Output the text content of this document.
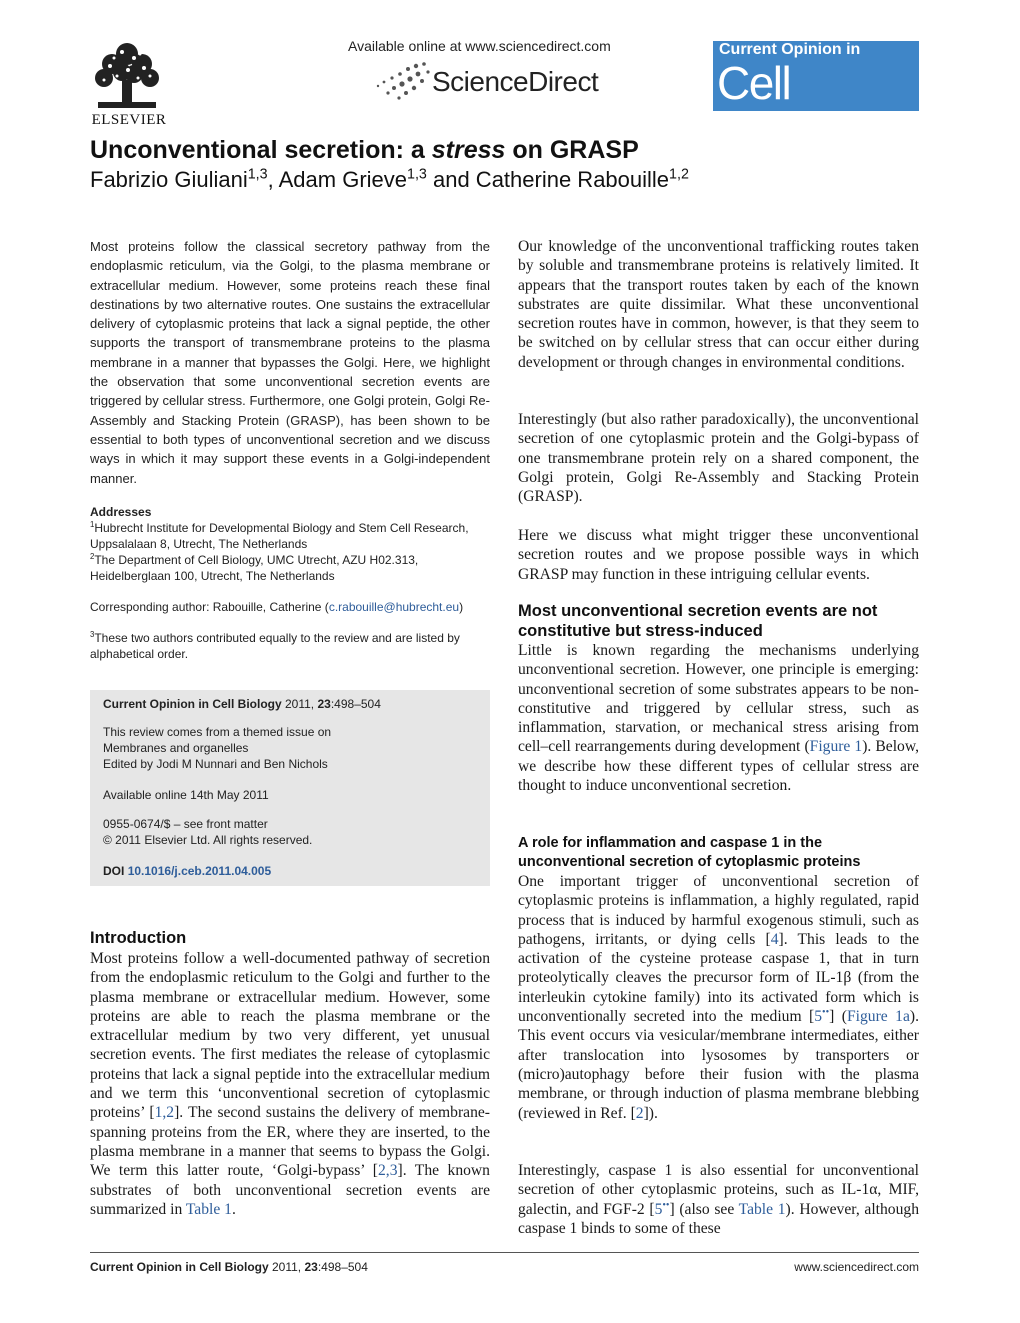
ELSEVIER
Available online at www.sciencedirect.com
ScienceDirect
Current Opinion in
Cell Biology
Unconventional secretion: a stress on GRASP
Fabrizio Giuliani$^{1,3}$, Adam Grieve$^{1,3}$ and Catherine Rabouille$^{1,2}$
Most proteins follow the classical secretory pathway from the endoplasmic reticulum, via the Golgi, to the plasma membrane or extracellular medium. However, some proteins reach these final destinations by two alternative routes. One sustains the extracellular delivery of cytoplasmic proteins that lack a signal peptide, the other supports the transport of transmembrane proteins to the plasma membrane in a manner that bypasses the Golgi. Here, we highlight the observation that some unconventional secretion events are triggered by cellular stress. Furthermore, one Golgi protein, Golgi Re-Assembly and Stacking Protein (GRASP), has been shown to be essential to both types of unconventional secretion and we discuss ways in which it may support these events in a Golgi-independent manner.
Addresses
$^1$Hubrecht Institute for Developmental Biology and Stem Cell Research, Uppsalalaan 8, Utrecht, The Netherlands
$^2$The Department of Cell Biology, UMC Utrecht, AZU H02.313, Heidelberglaan 100, Utrecht, The Netherlands
Corresponding author: Rabouille, Catherine (c.rabouille@hubrecht.eu)
$^3$These two authors contributed equally to the review and are listed by alphabetical order.

Current Opinion in Cell Biology 2011, 23:498–504

This review comes from a themed issue on

Membranes and organelles

Edited by Jodi M Nunnari and Ben Nichols

Available online 14th May 2011

0955-0674/$ – see front matter

© 2011 Elsevier Ltd. All rights reserved.

DOI 10.1016/j.ceb.2011.04.005

Introduction
Most proteins follow a well-documented pathway of secretion from the endoplasmic reticulum to the Golgi and further to the plasma membrane or extracellular medium. However, some proteins are able to reach the plasma membrane or the extracellular medium by two very different, yet unusual secretion events. The first mediates the release of cytoplasmic proteins that lack a signal peptide into the extracellular medium and we term this ‘unconventional secretion of cytoplasmic proteins’ [1,2]. The second sustains the delivery of membrane-spanning proteins from the ER, where they are inserted, to the plasma membrane in a manner that seems to bypass the Golgi. We term this latter route, ‘Golgi-bypass’ [2,3]. The known substrates of both unconventional secretion events are summarized in Table 1.
Our knowledge of the unconventional trafficking routes taken by soluble and transmembrane proteins is relatively limited. It appears that the transport routes taken by each of the known substrates are quite dissimilar. What these unconventional secretion routes have in common, however, is that they seem to be switched on by cellular stress that can occur either during development or through changes in environmental conditions.
Interestingly (but also rather paradoxically), the unconventional secretion of one cytoplasmic protein and the Golgi-bypass of one transmembrane protein rely on a shared component, the Golgi protein, Golgi Re-Assembly and Stacking Protein (GRASP).
Here we discuss what might trigger these unconventional secretion routes and we propose possible ways in which GRASP may function in these intriguing cellular events.
Most unconventional secretion events are not constitutive but stress-induced
Little is known regarding the mechanisms underlying unconventional secretion. However, one principle is emerging: unconventional secretion of some substrates appears to be non-constitutive and triggered by cellular stress, such as inflammation, starvation, or mechanical stress arising from cell–cell rearrangements during development (Figure 1). Below, we describe how these different types of cellular stress are thought to induce unconventional secretion.
A role for inflammation and caspase 1 in the unconventional secretion of cytoplasmic proteins
One important trigger of unconventional secretion of cytoplasmic proteins is inflammation, a highly regulated, rapid process that is induced by harmful exogenous stimuli, such as pathogens, irritants, or dying cells [4]. This leads to the activation of the cysteine protease caspase 1, that in turn proteolytically cleaves the precursor form of IL-1β (from the interleukin cytokine family) into its activated form which is unconventionally secreted into the medium [5••] (Figure 1a). This event occurs via vesicular/membrane intermediates, either after translocation into lysosomes by transporters or (micro)autophagy before their fusion with the plasma membrane, or through induction of plasma membrane blebbing (reviewed in Ref. [2]).
Interestingly, caspase 1 is also essential for unconventional secretion of other cytoplasmic proteins, such as IL-1α, MIF, galectin, and FGF-2 [5••] (also see Table 1). However, although caspase 1 binds to some of these
Current Opinion in Cell Biology 2011, 23:498–504	www.sciencedirect.com
